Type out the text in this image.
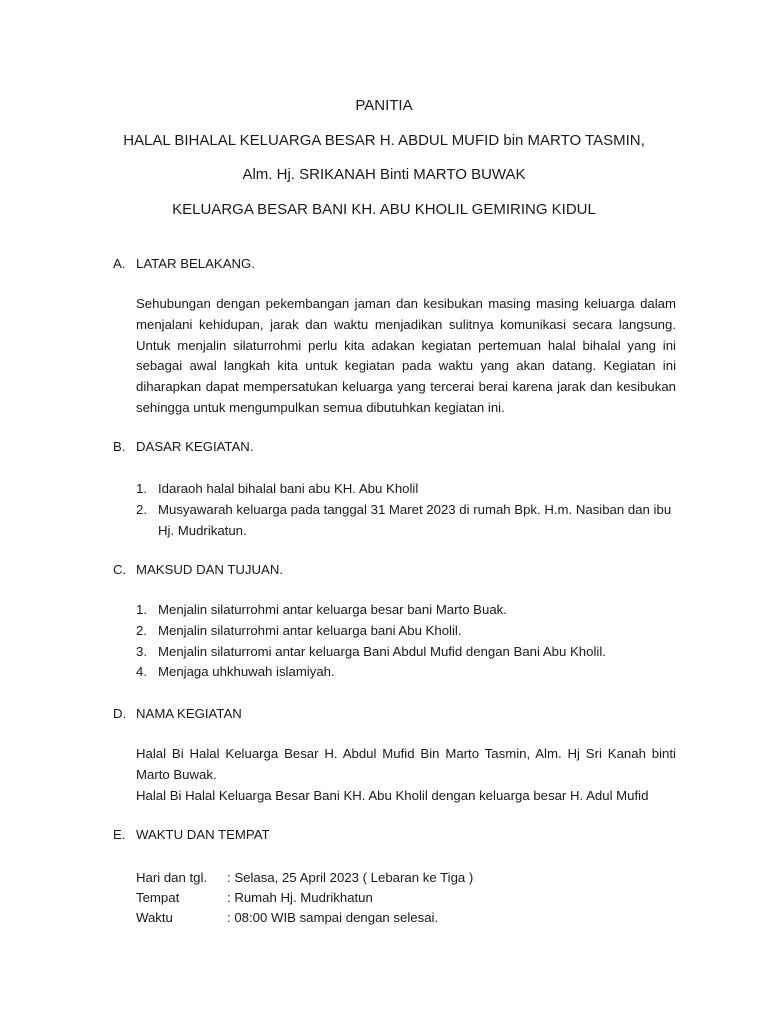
PANITIA
HALAL BIHALAL KELUARGA BESAR H. ABDUL MUFID bin MARTO TASMIN,
Alm. Hj. SRIKANAH Binti MARTO BUWAK
KELUARGA BESAR BANI KH. ABU KHOLIL GEMIRING KIDUL
A. LATAR BELAKANG.
Sehubungan dengan pekembangan jaman dan kesibukan masing masing keluarga dalam menjalani kehidupan, jarak dan waktu menjadikan sulitnya komunikasi secara langsung. Untuk menjalin silaturrohmi perlu kita adakan kegiatan pertemuan halal bihalal yang ini sebagai awal langkah kita untuk kegiatan pada waktu yang akan datang. Kegiatan ini diharapkan dapat mempersatukan keluarga yang tercerai berai karena jarak dan kesibukan sehingga untuk mengumpulkan semua dibutuhkan kegiatan ini.
B. DASAR KEGIATAN.
1. Idaraoh halal bihalal bani abu KH. Abu Kholil
2. Musyawarah keluarga pada tanggal 31 Maret 2023 di rumah Bpk. H.m. Nasiban dan ibu Hj. Mudrikatun.
C. MAKSUD DAN TUJUAN.
1. Menjalin silaturrohmi antar keluarga besar bani Marto Buak.
2. Menjalin silaturrohmi antar keluarga bani Abu Kholil.
3. Menjalin silaturromi antar keluarga Bani Abdul Mufid dengan Bani Abu Kholil.
4. Menjaga uhkhuwah islamiyah.
D. NAMA KEGIATAN
Halal Bi Halal Keluarga Besar H. Abdul Mufid Bin Marto Tasmin, Alm. Hj Sri Kanah binti Marto Buwak.
Halal Bi Halal Keluarga Besar Bani KH. Abu Kholil dengan keluarga besar H. Adul Mufid
E. WAKTU DAN TEMPAT
Hari dan tgl.	: Selasa, 25 April 2023 ( Lebaran ke Tiga )
Tempat	: Rumah Hj. Mudrikhatun
Waktu	: 08:00 WIB sampai dengan selesai.
